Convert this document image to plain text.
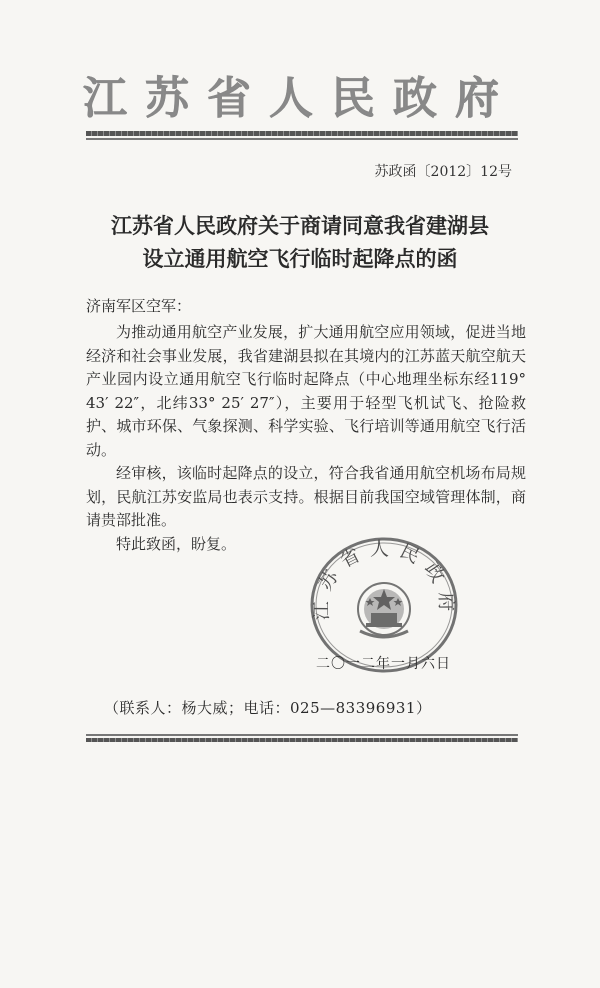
江苏省人民政府
苏政函〔2012〕12号
江苏省人民政府关于商请同意我省建湖县
设立通用航空飞行临时起降点的函
济南军区空军：

为推动通用航空产业发展，扩大通用航空应用领域，促进当地经济和社会事业发展，我省建湖县拟在其境内的江苏蓝天航空航天产业园内设立通用航空飞行临时起降点（中心地理坐标东经119° 43′ 22″，北纬33° 25′ 27″），主要用于轻型飞机试飞、抢险救护、城市环保、气象探测、科学实验、飞行培训等通用航空飞行活动。

经审核，该临时起降点的设立，符合我省通用航空机场布局规划，民航江苏安监局也表示支持。根据目前我国空域管理体制，商请贵部批准。

特此致函，盼复。

江苏省人民政府
二〇一二年一月六日
（联系人：杨大威；电话：025—83396931）
